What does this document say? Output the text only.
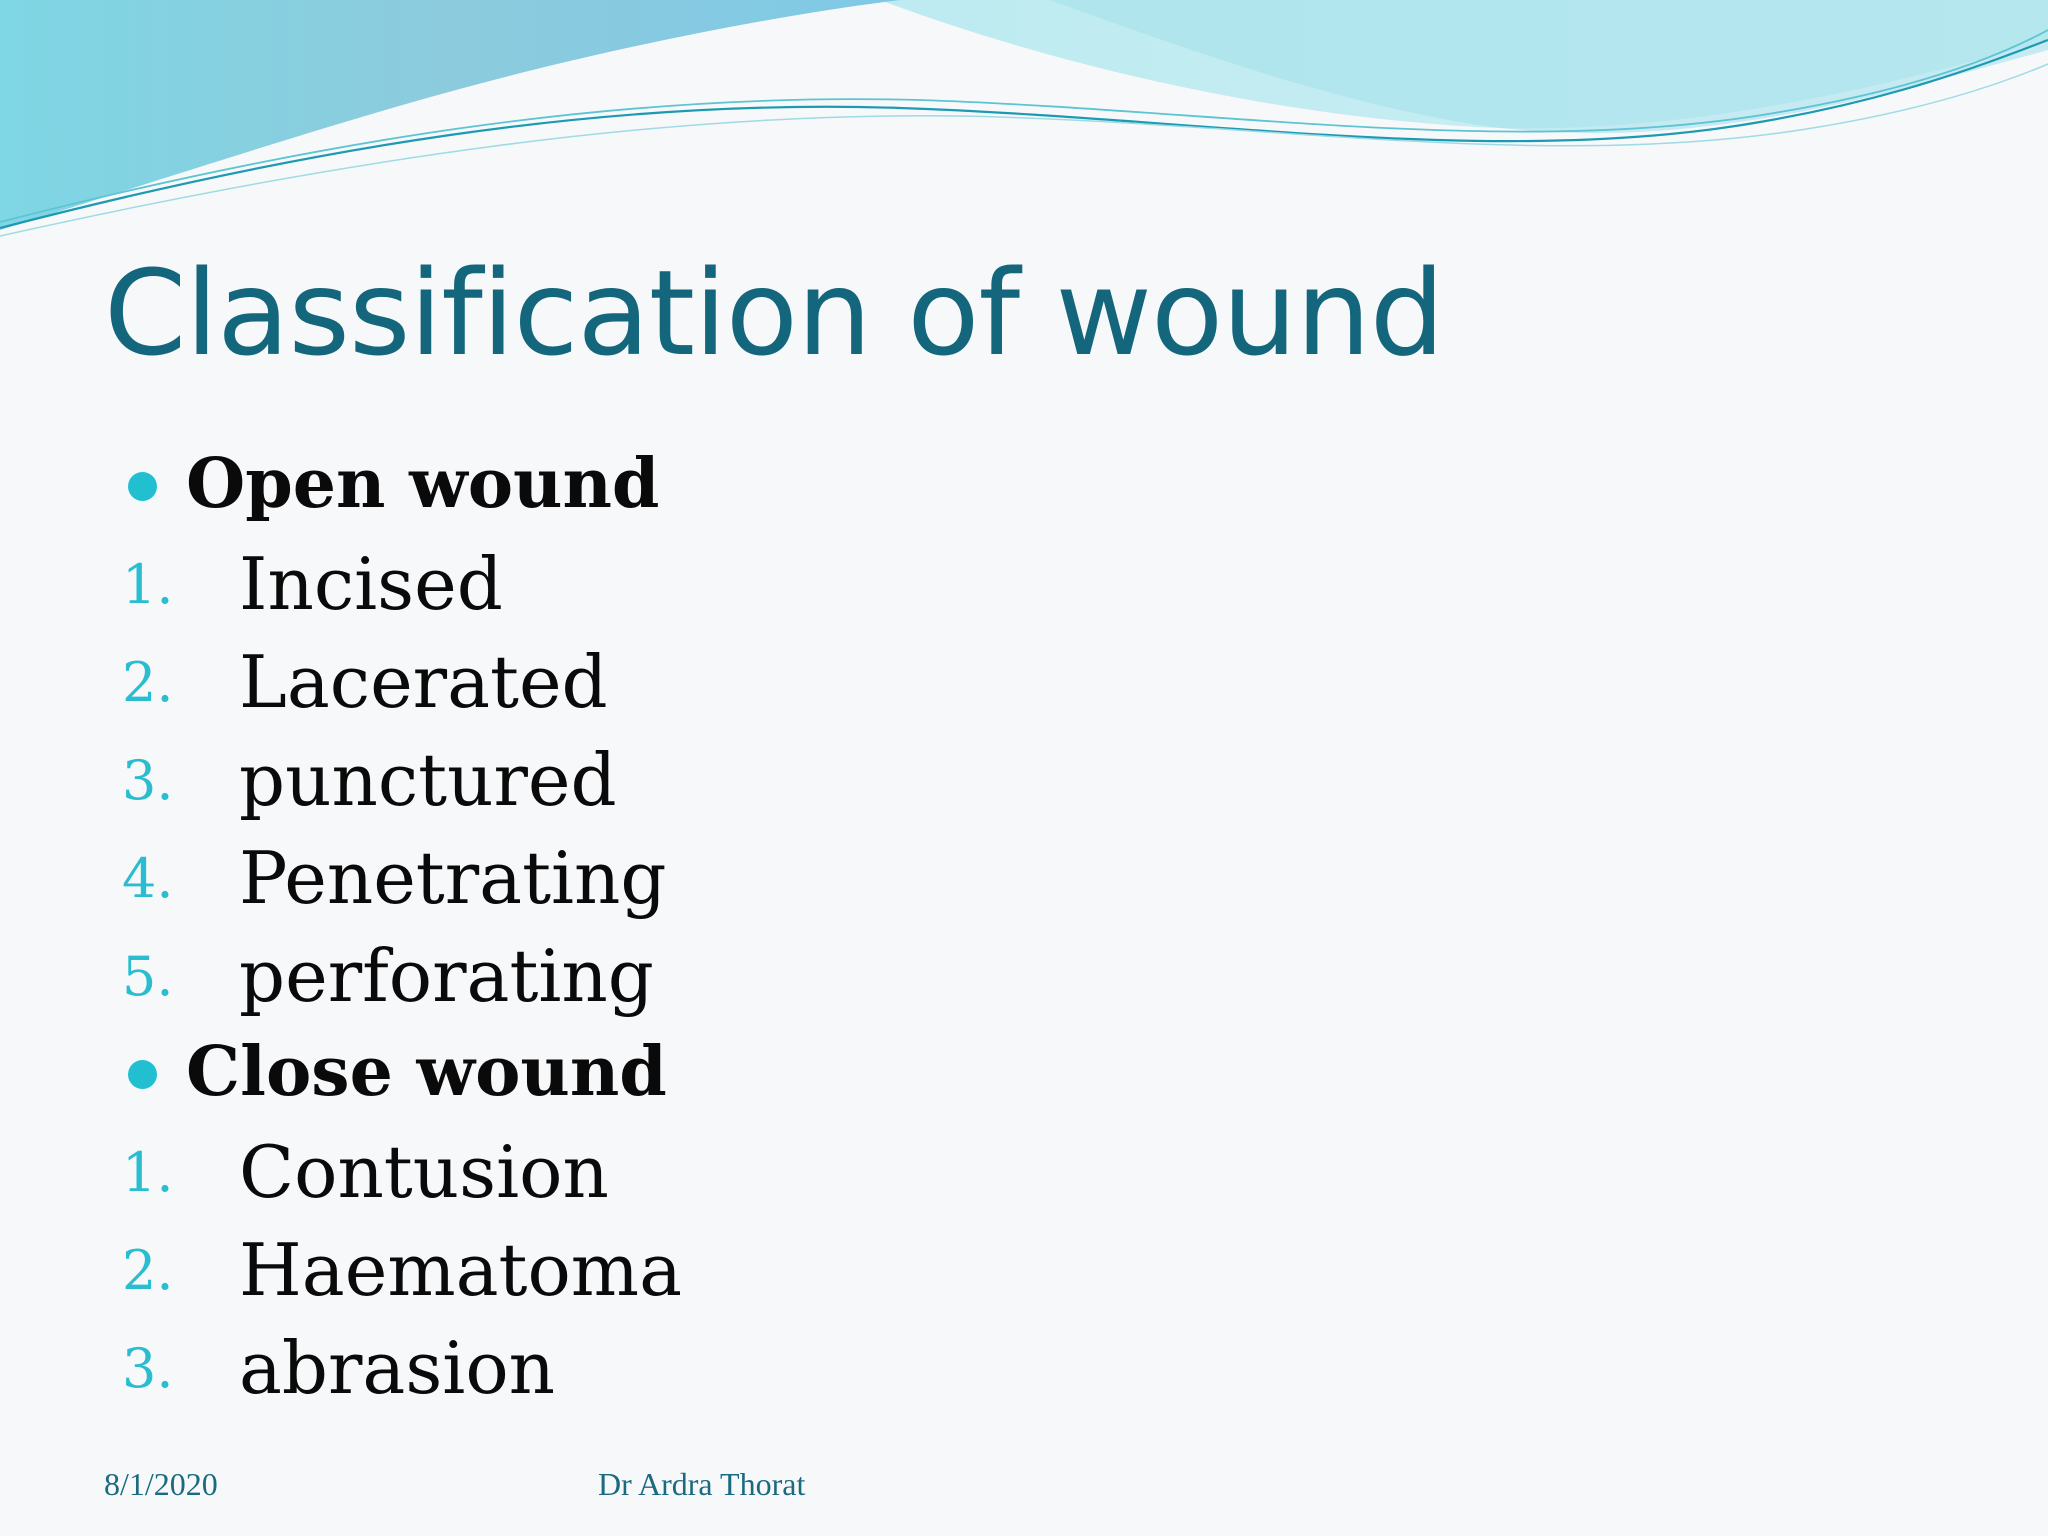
Classification of wound
Open wound
1. Incised
2. Lacerated
3. punctured
4. Penetrating
5. perforating
Close wound
1. Contusion
2. Haematoma
3. abrasion
8/1/2020	Dr Ardra Thorat
